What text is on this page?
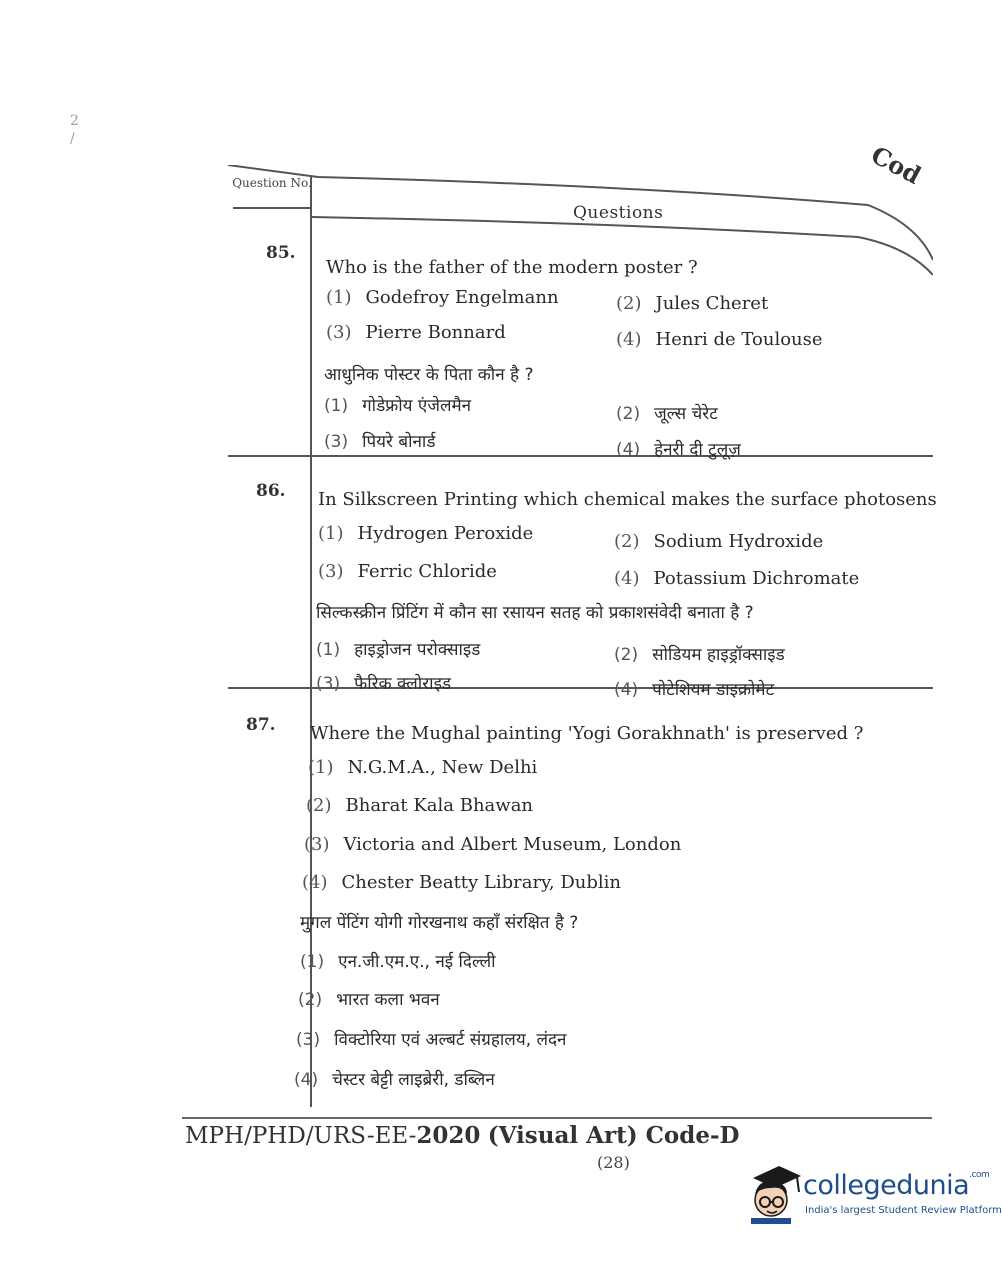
2
/
Cod
Question No.
Questions
85.
Who is the father of the modern poster ?
(1) Godefroy Engelmann	(2) Jules Cheret
(3) Pierre Bonnard	(4) Henri de Toulouse
आधुनिक पोस्टर के पिता कौन है ?
(1) गोडेफ्रोय एंजेलमैन	(2) जूल्स चेरेट
(3) पियरे बोनार्ड	(4) हेनरी दी टुलूज़
86. In Silkscreen Printing which chemical makes the surface photosens
(1) Hydrogen Peroxide	(2) Sodium Hydroxide
(3) Ferric Chloride	(4) Potassium Dichromate
सिल्कस्क्रीन प्रिंटिंग में कौन सा रसायन सतह को प्रकाशसंवेदी बनाता है ?
(1) हाइड्रोजन परोक्साइड	(2) सोडियम हाइड्रॉक्साइड
(3) फैरिक क्लोराइड	(4) पोटेशियम डाइक्रोमेट
87. Where the Mughal painting 'Yogi Gorakhnath' is preserved ?
(1) N.G.M.A., New Delhi
(2) Bharat Kala Bhawan
(3) Victoria and Albert Museum, London
(4) Chester Beatty Library, Dublin
मुगल पेंटिंग योगी गोरखनाथ कहाँ संरक्षित है ?
(1) एन.जी.एम.ए., नई दिल्ली
(2) भारत कला भवन
(3) विक्टोरिया एवं अल्बर्ट संग्रहालय, लंदन
(4) चेस्टर बेट्टी लाइब्रेरी, डब्लिन
MPH/PHD/URS-EE-2020 (Visual Art) Code-D
(28)
collegedunia$^{.com}$
India's largest Student Review Platform
